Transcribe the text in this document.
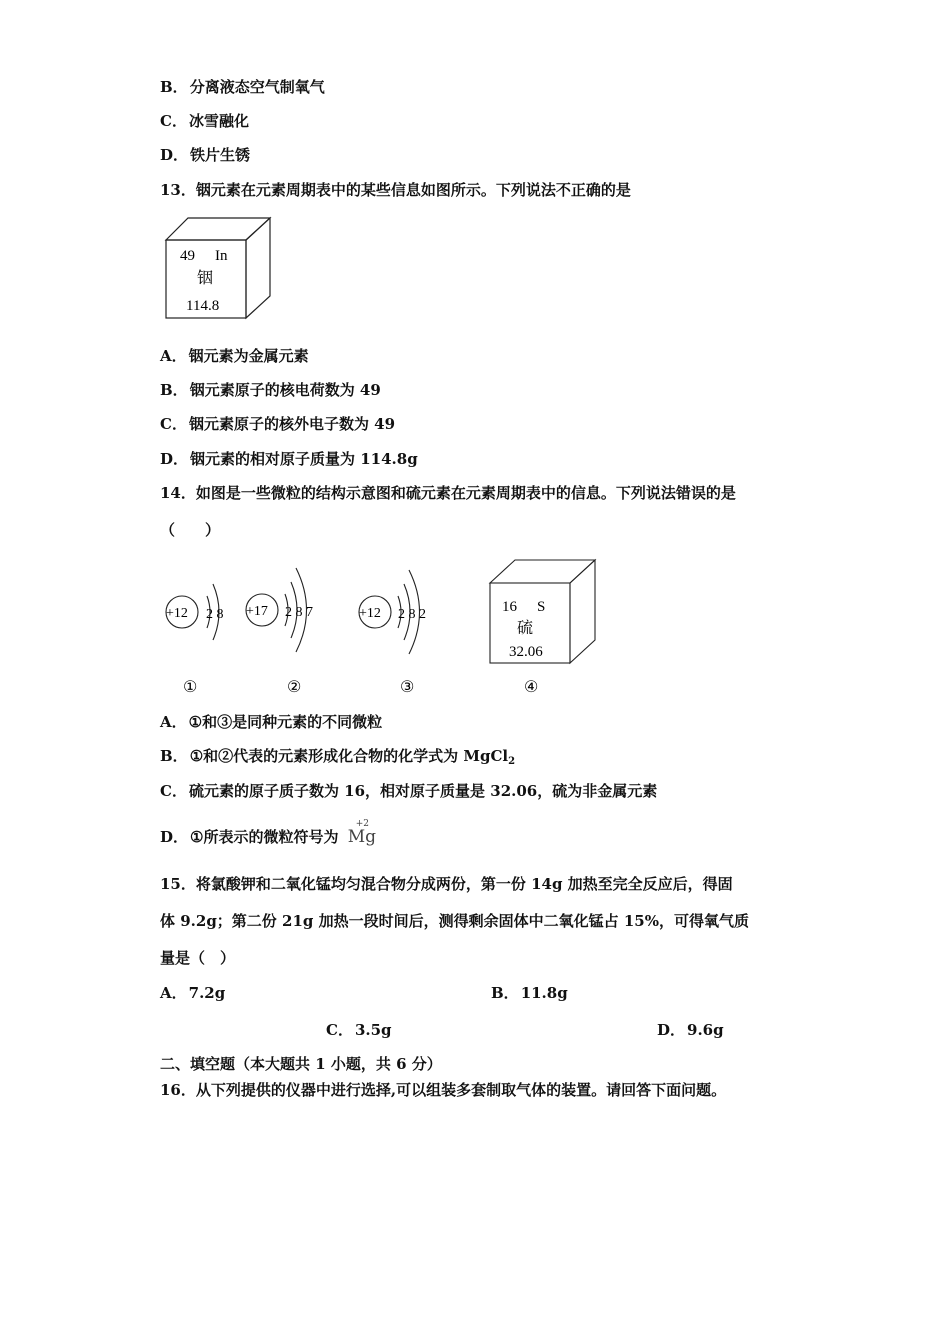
B． 分离液态空气制氧气
C． 冰雪融化
D． 铁片生锈
13．铟元素在元素周期表中的某些信息如图所示。下列说法不正确的是
49 In
铟
114.8
A． 铟元素为金属元素
B． 铟元素原子的核电荷数为 49
C． 铟元素原子的核外电子数为 49
D． 铟元素的相对原子质量为 114.8g
14．如图是一些微粒的结构示意图和硫元素在元素周期表中的信息。下列说法错误的是
（　　）
+12 2 8 +17 2 8 7	+12 2 8 2	16 S
硫
32.06
①	②	③	④
A． ①和③是同种元素的不同微粒
B． ①和②代表的元素形成化合物的化学式为 MgCl$_2$
C． 硫元素的原子质子数为 16，相对原子质量是 32.06，硫为非金属元素
D． ①所表示的微粒符号为
+2
Mg
15．将氯酸钾和二氧化锰均匀混合物分成两份，第一份 14g 加热至完全反应后，得固
体 9.2g；第二份 21g 加热一段时间后，测得剩余固体中二氧化锰占 15%，可得氧气质
量是（　）
A． 7.2g	B． 11.8g
C． 3.5g	D． 9.6g
二、填空题（本大题共 1 小题，共 6 分）
16．从下列提供的仪器中进行选择,可以组装多套制取气体的装置。请回答下面问题。
